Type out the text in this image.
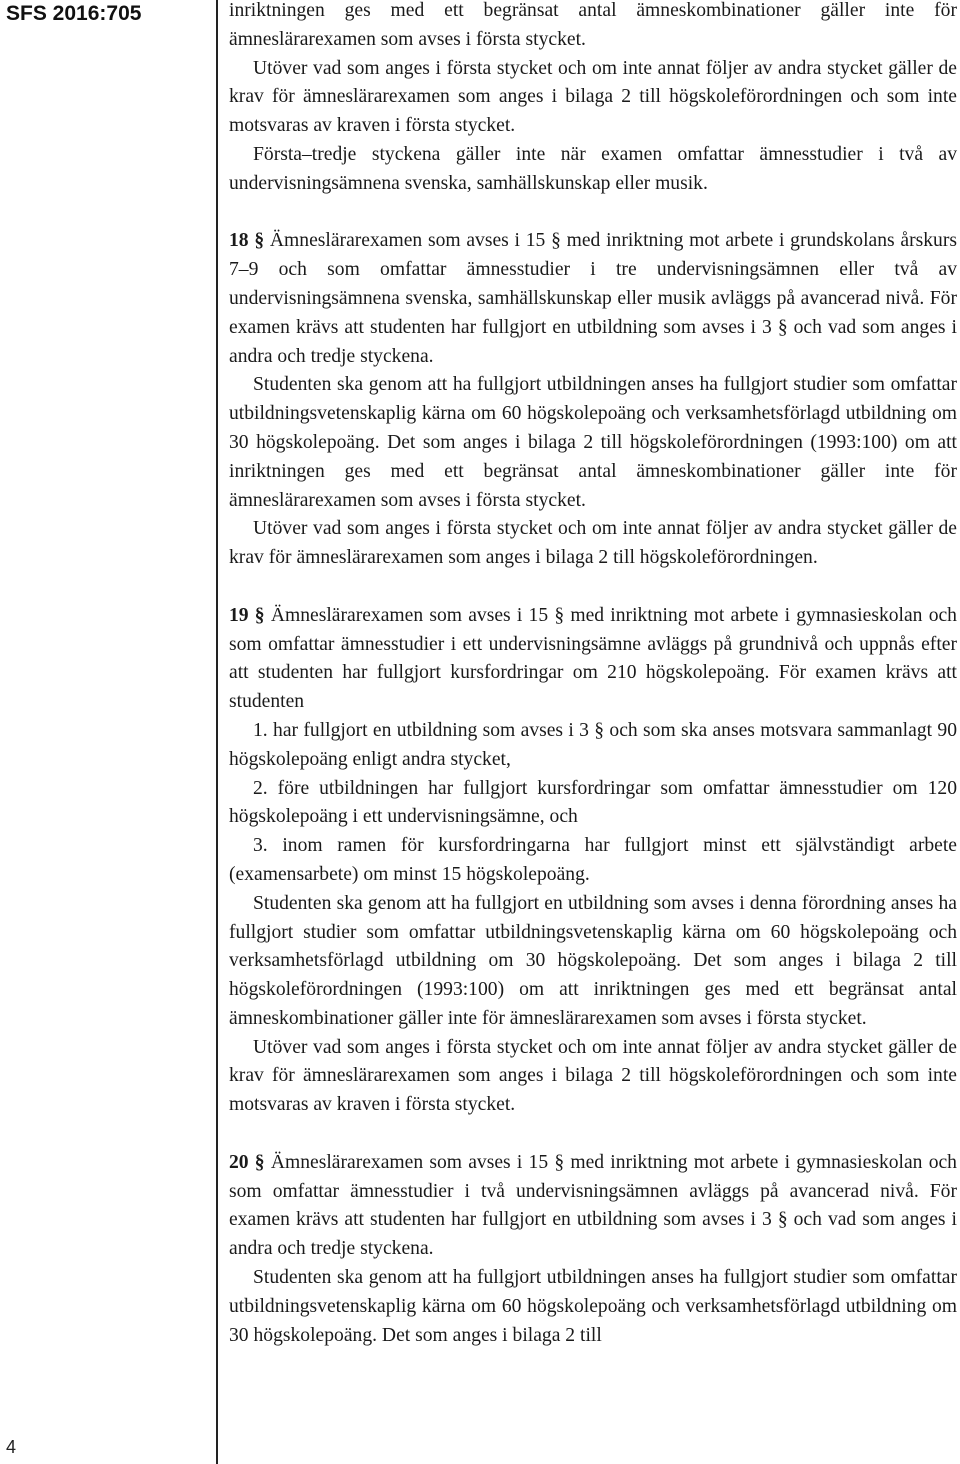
SFS 2016:705
4

inriktningen ges med ett begränsat antal ämneskombinationer gäller inte för ämneslärarexamen som avses i första stycket.

Utöver vad som anges i första stycket och om inte annat följer av andra stycket gäller de krav för ämneslärarexamen som anges i bilaga 2 till högskoleförordningen och som inte motsvaras av kraven i första stycket.

Första–tredje styckena gäller inte när examen omfattar ämnesstudier i två av undervisningsämnena svenska, samhällskunskap eller musik.

18 § Ämneslärarexamen som avses i 15 § med inriktning mot arbete i grundskolans årskurs 7–9 och som omfattar ämnesstudier i tre undervisningsämnen eller två av undervisningsämnena svenska, samhällskunskap eller musik avläggs på avancerad nivå. För examen krävs att studenten har fullgjort en utbildning som avses i 3 § och vad som anges i andra och tredje styckena.

Studenten ska genom att ha fullgjort utbildningen anses ha fullgjort studier som omfattar utbildningsvetenskaplig kärna om 60 högskolepoäng och verksamhetsförlagd utbildning om 30 högskolepoäng. Det som anges i bilaga 2 till högskoleförordningen (1993:100) om att inriktningen ges med ett begränsat antal ämneskombinationer gäller inte för ämneslärarexamen som avses i första stycket.

Utöver vad som anges i första stycket och om inte annat följer av andra stycket gäller de krav för ämneslärarexamen som anges i bilaga 2 till högskoleförordningen.

19 § Ämneslärarexamen som avses i 15 § med inriktning mot arbete i gymnasieskolan och som omfattar ämnesstudier i ett undervisningsämne avläggs på grundnivå och uppnås efter att studenten har fullgjort kursfordringar om 210 högskolepoäng. För examen krävs att studenten

1. har fullgjort en utbildning som avses i 3 § och som ska anses motsvara sammanlagt 90 högskolepoäng enligt andra stycket,

2. före utbildningen har fullgjort kursfordringar som omfattar ämnesstudier om 120 högskolepoäng i ett undervisningsämne, och

3. inom ramen för kursfordringarna har fullgjort minst ett självständigt arbete (examensarbete) om minst 15 högskolepoäng.

Studenten ska genom att ha fullgjort en utbildning som avses i denna förordning anses ha fullgjort studier som omfattar utbildningsvetenskaplig kärna om 60 högskolepoäng och verksamhetsförlagd utbildning om 30 högskolepoäng. Det som anges i bilaga 2 till högskoleförordningen (1993:100) om att inriktningen ges med ett begränsat antal ämneskombinationer gäller inte för ämneslärarexamen som avses i första stycket.

Utöver vad som anges i första stycket och om inte annat följer av andra stycket gäller de krav för ämneslärarexamen som anges i bilaga 2 till högskoleförordningen och som inte motsvaras av kraven i första stycket.

20 § Ämneslärarexamen som avses i 15 § med inriktning mot arbete i gymnasieskolan och som omfattar ämnesstudier i två undervisningsämnen avläggs på avancerad nivå. För examen krävs att studenten har fullgjort en utbildning som avses i 3 § och vad som anges i andra och tredje styckena.

Studenten ska genom att ha fullgjort utbildningen anses ha fullgjort studier som omfattar utbildningsvetenskaplig kärna om 60 högskolepoäng och verksamhetsförlagd utbildning om 30 högskolepoäng. Det som anges i bilaga 2 till
